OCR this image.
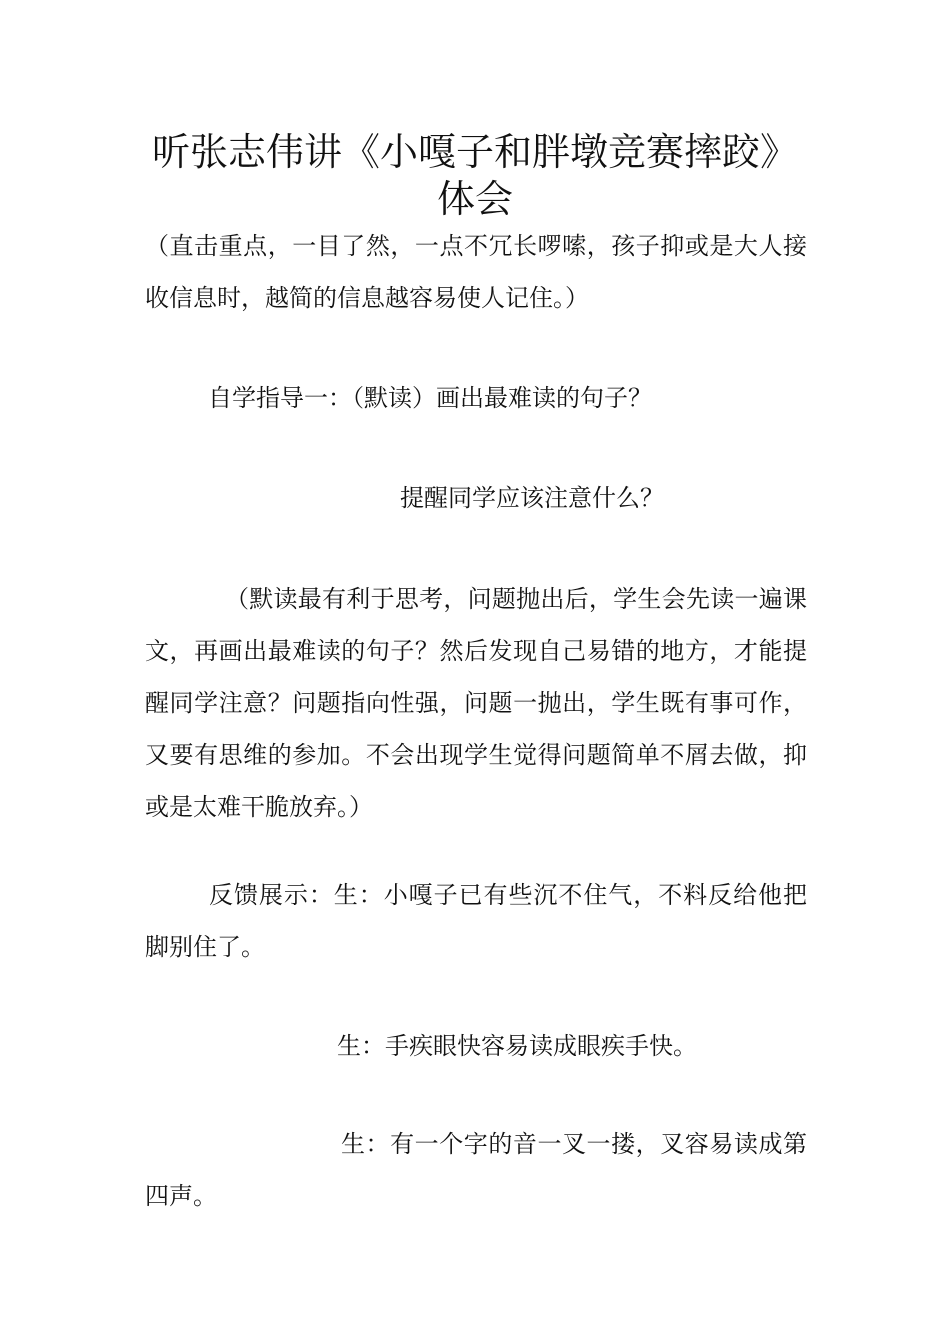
听张志伟讲《小嘎子和胖墩竞赛摔跤》
体会

（直击重点，一目了然，一点不冗长啰嗦，孩子抑或是大人接收信息时，越简的信息越容易使人记住。）

自学指导一：（默读）画出最难读的句子？

提醒同学应该注意什么？

（默读最有利于思考，问题抛出后，学生会先读一遍课文，再画出最难读的句子？然后发现自己易错的地方，才能提醒同学注意？问题指向性强，问题一抛出，学生既有事可作，又要有思维的参加。不会出现学生觉得问题简单不屑去做，抑或是太难干脆放弃。）

反馈展示：生：小嘎子已有些沉不住气，不料反给他把脚别住了。

生：手疾眼快容易读成眼疾手快。

生：有一个字的音一叉一搂，叉容易读成第四声。
